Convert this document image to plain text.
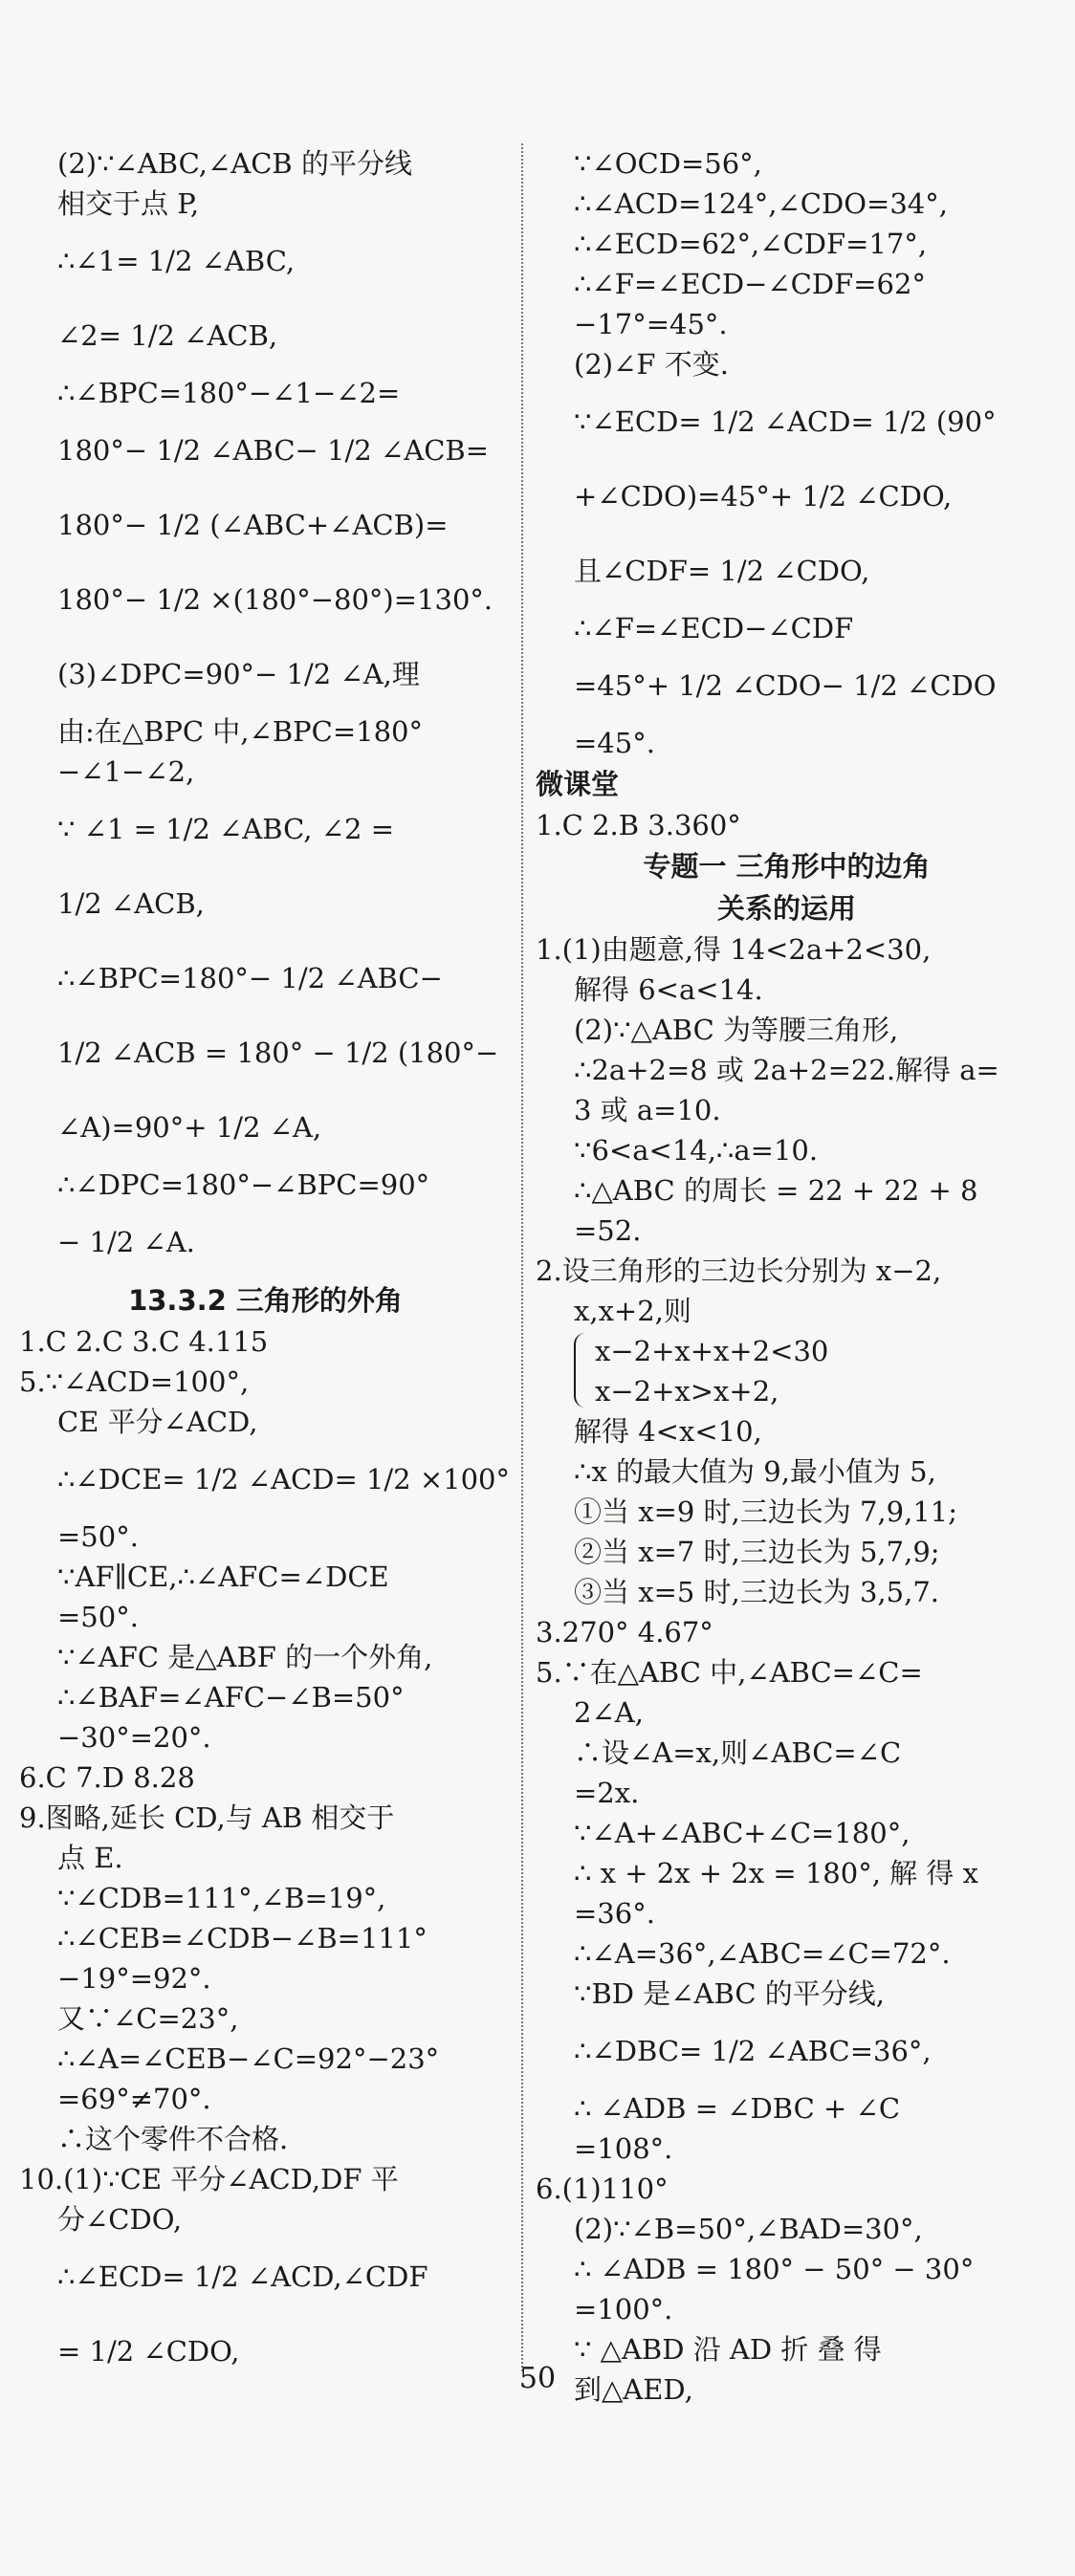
(2)∵∠ABC,∠ACB 的平分线
相交于点 P,
∴∠1= 1/2 ∠ABC,
∠2= 1/2 ∠ACB,
∴∠BPC=180°−∠1−∠2=
180°− 1/2 ∠ABC− 1/2 ∠ACB=
180°− 1/2 (∠ABC+∠ACB)=
180°− 1/2 ×(180°−80°)=130°.
(3)∠DPC=90°− 1/2 ∠A,理
由:在△BPC 中,∠BPC=180°
−∠1−∠2,
∵ ∠1 = 1/2 ∠ABC, ∠2 =
1/2 ∠ACB,
∴∠BPC=180°− 1/2 ∠ABC−
1/2 ∠ACB = 180° − 1/2 (180°−
∠A)=90°+ 1/2 ∠A,
∴∠DPC=180°−∠BPC=90°
− 1/2 ∠A.
13.3.2 三角形的外角
1.C 2.C 3.C 4.115
5.∵∠ACD=100°,
CE 平分∠ACD,
∴∠DCE= 1/2 ∠ACD= 1/2 ×100°
=50°.
∵AF∥CE,∴∠AFC=∠DCE
=50°.
∵∠AFC 是△ABF 的一个外角,
∴∠BAF=∠AFC−∠B=50°
−30°=20°.
6.C 7.D 8.28
9.图略,延长 CD,与 AB 相交于
点 E.
∵∠CDB=111°,∠B=19°,
∴∠CEB=∠CDB−∠B=111°
−19°=92°.
又∵∠C=23°,
∴∠A=∠CEB−∠C=92°−23°
=69°≠70°.
∴这个零件不合格.
10.(1)∵CE 平分∠ACD,DF 平
分∠CDO,
∴∠ECD= 1/2 ∠ACD,∠CDF
= 1/2 ∠CDO,
∵∠OCD=56°,
∴∠ACD=124°,∠CDO=34°,
∴∠ECD=62°,∠CDF=17°,
∴∠F=∠ECD−∠CDF=62°
−17°=45°.
(2)∠F 不变.
∵∠ECD= 1/2 ∠ACD= 1/2 (90°
+∠CDO)=45°+ 1/2 ∠CDO,
且∠CDF= 1/2 ∠CDO,
∴∠F=∠ECD−∠CDF
=45°+ 1/2 ∠CDO− 1/2 ∠CDO
=45°.
微课堂
1.C 2.B 3.360°
专题一 三角形中的边角
关系的运用
1.(1)由题意,得 14<2a+2<30,
解得 6<a<14.
(2)∵△ABC 为等腰三角形,
∴2a+2=8 或 2a+2=22.解得 a=
3 或 a=10.
∵6<a<14,∴a=10.
∴△ABC 的周长 = 22 + 22 + 8
=52.
2.设三角形的三边长分别为 x−2,
x,x+2,则
x−2+x+x+2<30
x−2+x>x+2,
解得 4<x<10,
∴x 的最大值为 9,最小值为 5,
①当 x=9 时,三边长为 7,9,11;
②当 x=7 时,三边长为 5,7,9;
③当 x=5 时,三边长为 3,5,7.
3.270° 4.67°
5.∵在△ABC 中,∠ABC=∠C=
2∠A,
∴设∠A=x,则∠ABC=∠C
=2x.
∵∠A+∠ABC+∠C=180°,
∴ x + 2x + 2x = 180°, 解 得 x
=36°.
∴∠A=36°,∠ABC=∠C=72°.
∵BD 是∠ABC 的平分线,
∴∠DBC= 1/2 ∠ABC=36°,
∴ ∠ADB = ∠DBC + ∠C
=108°.
6.(1)110°
(2)∵∠B=50°,∠BAD=30°,
∴ ∠ADB = 180° − 50° − 30°
=100°.
∵ △ABD 沿 AD 折 叠 得
到△AED,
50
